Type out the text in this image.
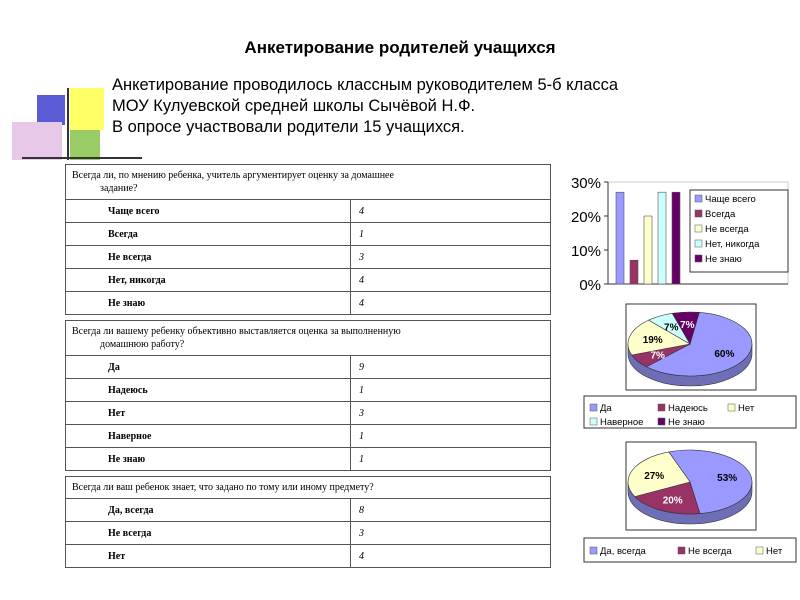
Анкетирование родителей учащихся
Анкетирование проводилось классным руководителем 5-б класса
МОУ Кулуевской средней школы Сычёвой Н.Ф.
В опросе участвовали родители 15 учащихся.
Всегда ли, по мнению ребенка, учитель аргументирует оценку за домашнее
задание?	

Чаще всего	4
Всегда	1
Не всегда	3
Нет, никогда	4
Не знаю	4
Всегда ли вашему ребенку объективно выставляется оценка за выполненную
домашнюю работу?	

Да	9
Надеюсь	1
Нет	3
Наверное	1
Не знаю	1
Всегда ли ваш ребенок знает, что задано по тому или иному предмету?	
Да, всегда	8
Не всегда	3
Нет	4
0%
10%
20%
30%
Чаще всего
Всегда
Не всегда
Нет, никогда
Не знаю
60%
7%
19%
7% 7%
Да	Надеюсь	Нет
Наверное	Не знаю
53%
20%
27%
Да, всегда	Не всегда	Нет
